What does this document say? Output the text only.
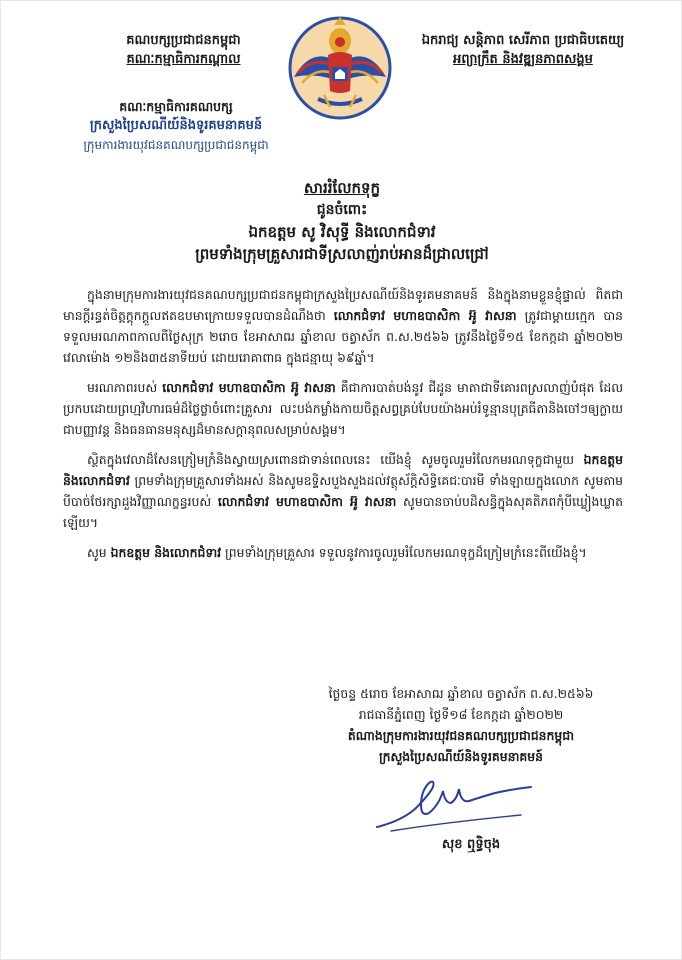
គណបក្សប្រជាជនកម្ពុជា
គណៈកម្មាធិការកណ្តាល
ឯករាជ្យ សន្តិភាព សេរីភាព ប្រជាធិបតេយ្យ
អព្យាក្រឹត និងវឌ្ឍនភាពសង្គម
គណៈកម្មាធិការគណបក្ស
ក្រសួងប្រៃសណីយ៍និងទូរគមនាគមន៍
ក្រុមការងារយុវជនគណបក្សប្រជាជនកម្ពុជា
សាររំលែកទុក្ខ
ជូនចំពោះ
ឯកឧត្តម សូ វិសុទ្ធី និងលោកជំទាវ
ព្រមទាំងក្រុមគ្រួសារជាទីស្រលាញ់រាប់អានដ៏ជ្រាលជ្រៅ

ក្នុងនាមក្រុមការងារយុវជនគណបក្សប្រជាជនកម្ពុជាក្រសួងប្រៃសណីយ៍និងទូរគមនាគមន៍ និងក្នុងនាមខ្លួនខ្ញុំផ្ទាល់ ពិតជាមានក្តីរន្ធត់ចិត្តក្តុកក្តួលឥតឧបមាក្រោយទទួលបានដំណឹងថា លោកជំទាវ មហាឧបាសិកា អ៊ូ វាសនា ត្រូវជាម្តាយក្មេក បានទទួលមរណភាពកាលពីថ្ងៃសុក្រ ២រោច ខែអាសាឍ ឆ្នាំខាល ចត្វាស័ក ព.ស.២៥៦៦ ត្រូវនឹងថ្ងៃទី១៥ ខែកក្កដា ឆ្នាំ២០២២ វេលាម៉ោង ១២និង៣៥នាទីយប់ ដោយរោគាពាធ ក្នុងជន្មាយុ ៦៩ឆ្នាំ។

មរណភាពរបស់ លោកជំទាវ មហាឧបាសិកា អ៊ូ វាសនា គឺជាការបាត់បង់នូវ ជីដូន មាតាជាទីគោរពស្រលាញ់បំផុត ដែលប្រកបដោយព្រហ្មវិហារធម៌ដ៏ថ្លៃថ្លាចំពោះគ្រួសារ លះបង់កម្លាំងកាយចិត្តសព្វគ្រប់បែបយ៉ាងអប់រំទូន្មានបុត្រធីតានិងចៅៗឲ្យក្លាយជាបញ្ញាវន្ត និងធនធានមនុស្សដ៏មានសក្តានុពលសម្រាប់សង្គម។

ស្ថិតក្នុងវេលាដ៏សែនក្រៀមក្រំនិងស្វាយស្រពោនជាទាន់ពេលនេះ យើងខ្ញុំ សូមចូលរួមរំលែកមរណទុក្ខជាមួយ ឯកឧត្តម និងលោកជំទាវ ព្រមទាំងក្រុមគ្រួសារទាំងអស់ និងសូមឧទ្ទិសបួងសួងដល់វត្ថុស័ក្តិសិទ្ធិគេជៈបារមី ទាំងឡាយក្នុងលោក សូមតាមបីបាច់ថែរក្សាដួងវិញ្ញាណក្ខន្ធរបស់ លោកជំទាវ មហាឧបាសិកា អ៊ូ វាសនា សូមបានចាប់បដិសន្ធិក្នុងសុគតិភពកុំបីឃ្លៀងឃ្លាតឡើយ។

សូម ឯកឧត្តម និងលោកជំទាវ ព្រមទាំងក្រុមគ្រួសារ ទទួលនូវការចូលរួមរំលែកមរណទុក្ខដ៏ក្រៀមក្រំនេះពីយើងខ្ញុំ។

ថ្ងៃចន្ទ ៥រោច ខែអាសាឍ ឆ្នាំខាល ចត្វាស័ក ព.ស.២៥៦៦
រាជធានីភ្នំពេញ ថ្ងៃទី១៨ ខែកក្កដា ឆ្នាំ២០២២
តំណាងក្រុមការងារយុវជនគណបក្សប្រជាជនកម្ពុជា
ក្រសួងប្រៃសណីយ៍និងទូរគមនាគមន៍
សុខ ឮទ្ធិចុង
